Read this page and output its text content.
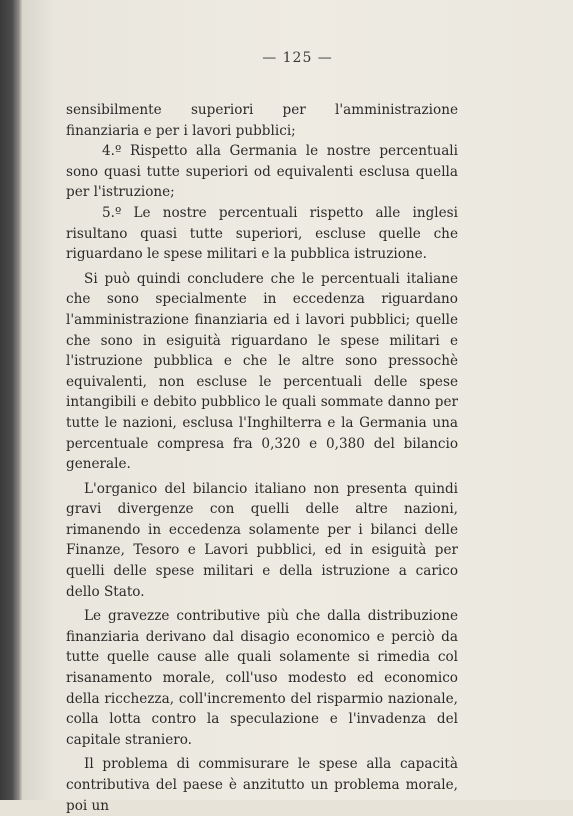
— 125 —

sensibilmente superiori per l'amministrazione finanziaria e per i lavori pubblici;

4.º Rispetto alla Germania le nostre percentuali sono quasi tutte superiori od equivalenti esclusa quella per l'istruzione;

5.º Le nostre percentuali rispetto alle inglesi risultano quasi tutte superiori, escluse quelle che riguardano le spese militari e la pubblica istruzione.

Si può quindi concludere che le percentuali italiane che sono specialmente in eccedenza riguardano l'amministrazione finanziaria ed i lavori pubblici; quelle che sono in esiguità riguardano le spese militari e l'istruzione pubblica e che le altre sono pressochè equivalenti, non escluse le percentuali delle spese intangibili e debito pubblico le quali sommate danno per tutte le nazioni, esclusa l'Inghilterra e la Germania una percentuale compresa fra 0,320 e 0,380 del bilancio generale.

L'organico del bilancio italiano non presenta quindi gravi divergenze con quelli delle altre nazioni, rimanendo in eccedenza solamente per i bilanci delle Finanze, Tesoro e Lavori pubblici, ed in esiguità per quelli delle spese militari e della istruzione a carico dello Stato.

Le gravezze contributive più che dalla distribuzione finanziaria derivano dal disagio economico e perciò da tutte quelle cause alle quali solamente si rimedia col risanamento morale, coll'uso modesto ed economico della ricchezza, coll'incremento del risparmio nazionale, colla lotta contro la speculazione e l'invadenza del capitale straniero.

Il problema di commisurare le spese alla capacità contributiva del paese è anzitutto un problema morale, poi un
